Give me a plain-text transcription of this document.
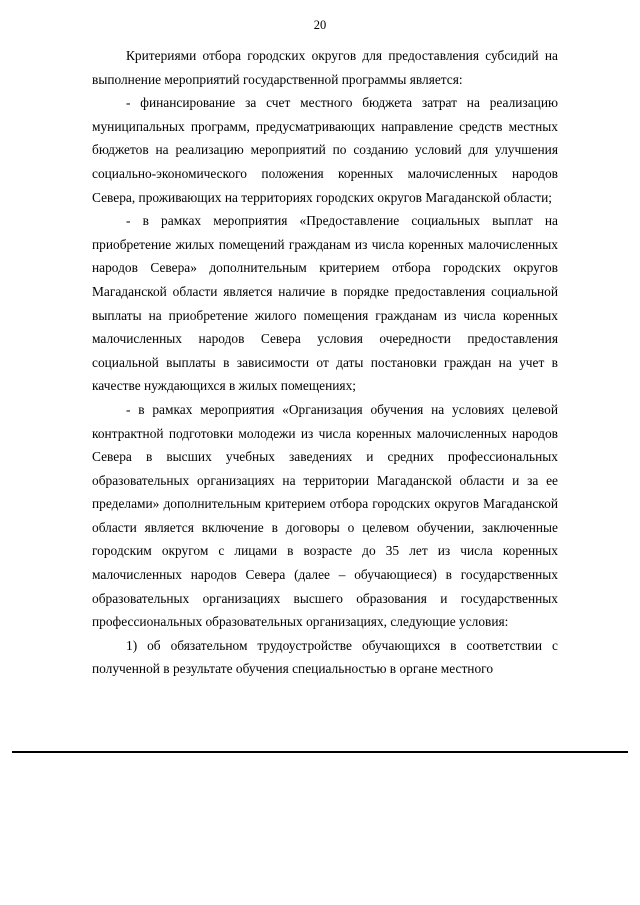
20

Критериями отбора городских округов для предоставления субсидий на выполнение мероприятий государственной программы является:

- финансирование за счет местного бюджета затрат на реализацию муниципальных программ, предусматривающих направление средств местных бюджетов на реализацию мероприятий по созданию условий для улучшения социально-экономического положения коренных малочисленных народов Севера, проживающих на территориях городских округов Магаданской области;

- в рамках мероприятия «Предоставление социальных выплат на приобретение жилых помещений гражданам из числа коренных малочисленных народов Севера» дополнительным критерием отбора городских округов Магаданской области является наличие в порядке предоставления социальной выплаты на приобретение жилого помещения гражданам из числа коренных малочисленных народов Севера условия очередности предоставления социальной выплаты в зависимости от даты постановки граждан на учет в качестве нуждающихся в жилых помещениях;

- в рамках мероприятия «Организация обучения на условиях целевой контрактной подготовки молодежи из числа коренных малочисленных народов Севера в высших учебных заведениях и средних профессиональных образовательных организациях на территории Магаданской области и за ее пределами» дополнительным критерием отбора городских округов Магаданской области является включение в договоры о целевом обучении, заключенные городским округом с лицами в возрасте до 35 лет из числа коренных малочисленных народов Севера (далее – обучающиеся) в государственных образовательных организациях высшего образования и государственных профессиональных образовательных организациях, следующие условия:

1) об обязательном трудоустройстве обучающихся в соответствии с полученной в результате обучения специальностью в органе местного
